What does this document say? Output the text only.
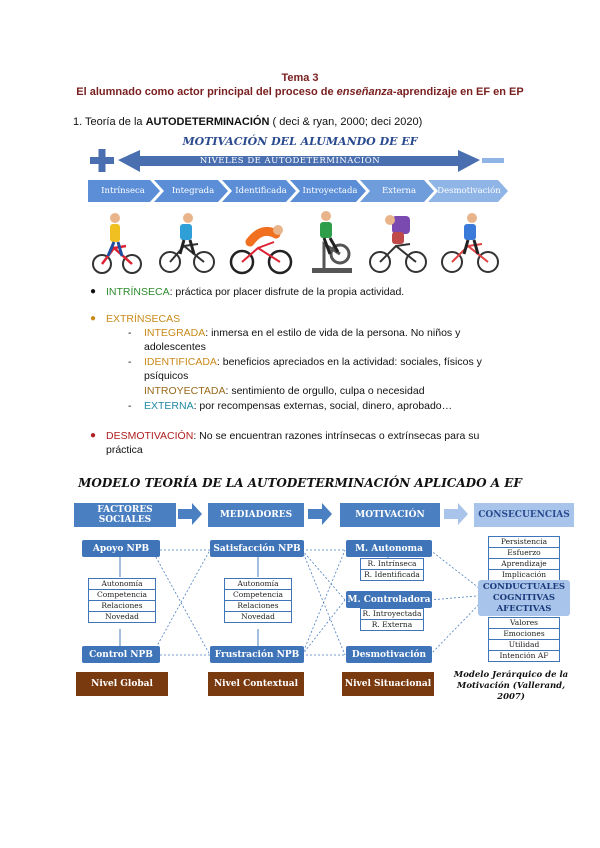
Tema 3
El alumnado como actor principal del proceso de enseñanza-aprendizaje en EF en EP
1. Teoría de la AUTODETERMINACIÓN ( deci & ryan, 2000; deci 2020)
MOTIVACIÓN DEL ALUMANDO DE EF
NIVELES DE AUTODETERMINACIÓN
Intrínseca	Integrada	Identificada	Introyectada	Externa	Desmotivación
● INTRÍNSECA: práctica por placer disfrute de la propia actividad.
● EXTRÍNSECAS
- INTEGRADA: inmersa en el estilo de vida de la persona. No niños y
adolescentes
- IDENTIFICADA: beneficios apreciados en la actividad: sociales, físicos y
psíquicos
INTROYECTADA: sentimiento de orgullo, culpa o necesidad
- EXTERNA: por recompensas externas, social, dinero, aprobado…
● DESMOTIVACIÓN: No se encuentran razones intrínsecas o extrínsecas para su
práctica
MODELO TEORÍA DE LA AUTODETERMINACIÓN APLICADO A EF
FACTORES SOCIALES	MEDIADORES	MOTIVACIÓN	CONSECUENCIAS
Apoyo NPB
Autonomía
Competencia
Relaciones
Novedad
Control NPB
Satisfacción NPB
Autonomía
Competencia
Relaciones
Novedad
Frustración NPB
M. Autonoma
R. Intrínseca
R. Identificada
M. Controladora
R. Introyectada
R. Externa
Desmotivación
Persistencia
Esfuerzo
Aprendizaje
Implicación
CONDUCTUALES COGNITIVAS AFECTIVAS
Valores
Emociones
Utilidad
Intención AF
Nivel Global	Nivel Contextual	Nivel Situacional
Modelo Jerárquico de la Motivación (Vallerand, 2007)
